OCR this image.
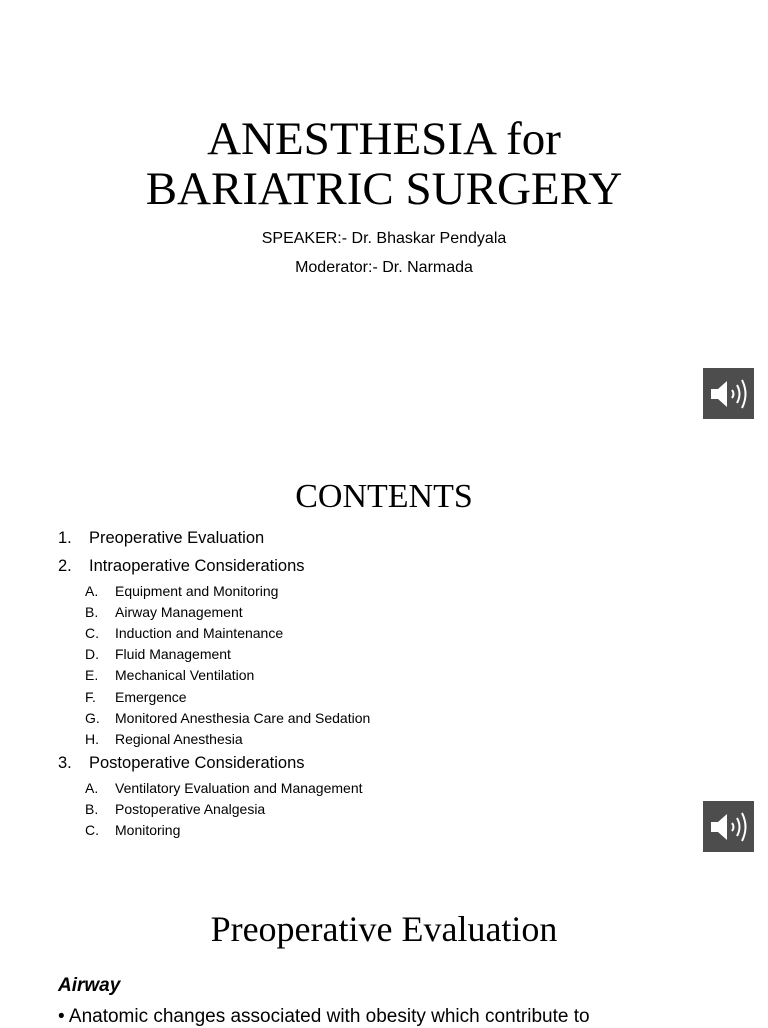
ANESTHESIA for
BARIATRIC SURGERY
SPEAKER:- Dr. Bhaskar Pendyala
Moderator:- Dr. Narmada
CONTENTS
1.	Preoperative Evaluation
2.	Intraoperative Considerations
A.	Equipment and Monitoring
B.	Airway Management
C.	Induction and Maintenance
D.	Fluid Management
E.	Mechanical Ventilation
F.	Emergence
G.	Monitored Anesthesia Care and Sedation
H.	Regional Anesthesia
3.	Postoperative Considerations
A.	Ventilatory Evaluation and Management
B.	Postoperative Analgesia
C.	Monitoring
Preoperative Evaluation
Airway
• Anatomic changes associated with obesity which contribute to
